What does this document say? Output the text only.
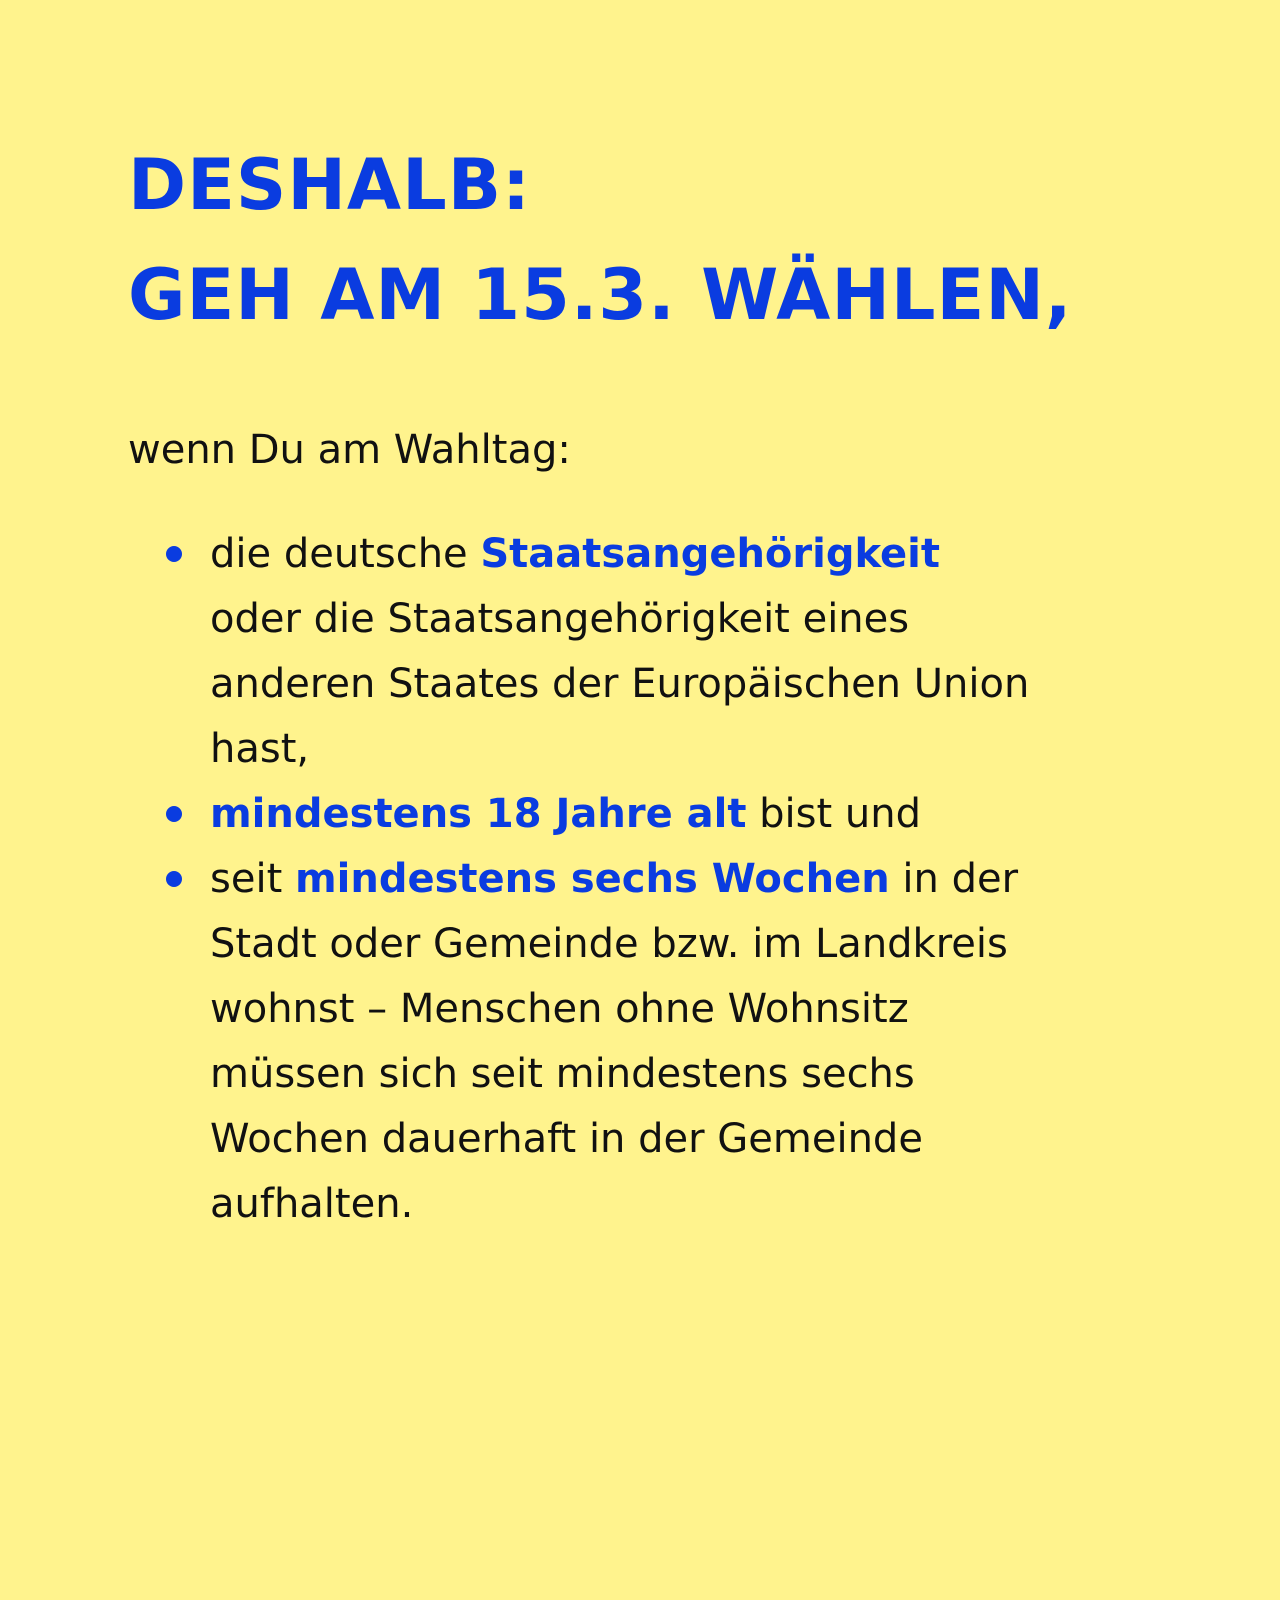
DESHALB:
GEH AM 15.3. WÄHLEN,

wenn Du am Wahltag:

die deutsche Staatsangehörigkeit
oder die Staatsangehörigkeit eines
anderen Staates der Europäischen Union
hast,
mindestens 18 Jahre alt bist und
seit mindestens sechs Wochen in der
Stadt oder Gemeinde bzw. im Landkreis
wohnst – Menschen ohne Wohnsitz
müssen sich seit mindestens sechs
Wochen dauerhaft in der Gemeinde
aufhalten.
